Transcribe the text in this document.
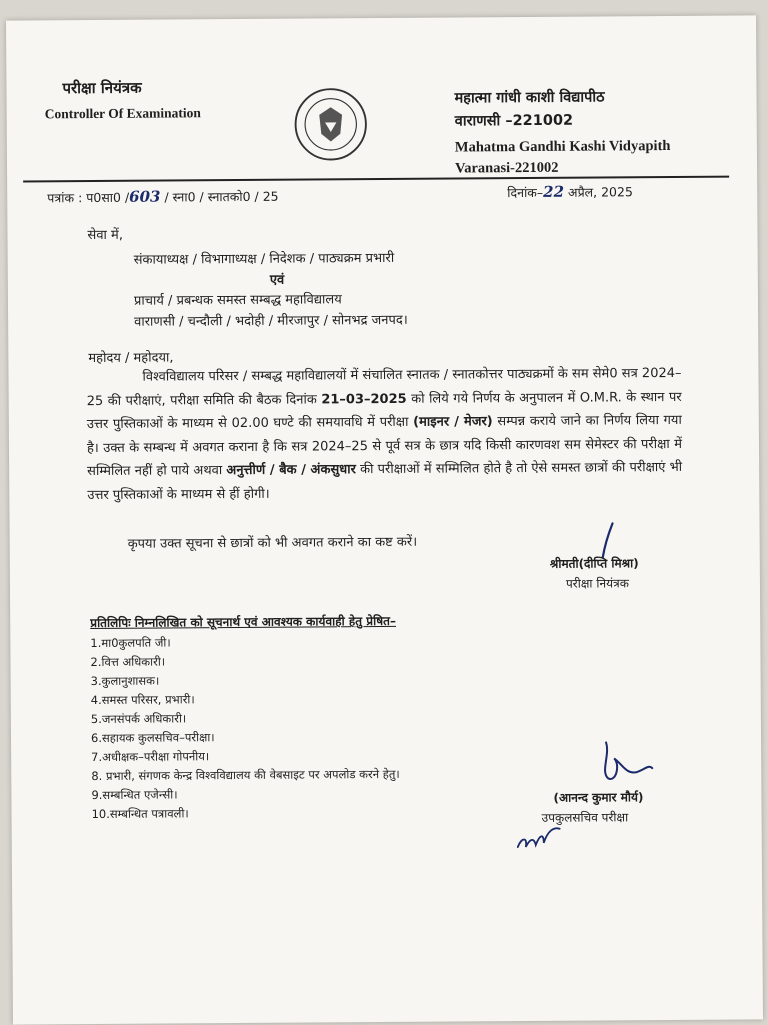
परीक्षा नियंत्रक
Controller Of Examination
महात्मा गांधी काशी विद्यापीठ
वाराणसी –221002
Mahatma Gandhi Kashi Vidyapith
Varanasi-221002
पत्रांक : प0सा0 /603 / स्ना0 / स्नातको0 / 25	दिनांक–22 अप्रैल, 2025
सेवा में,
संकायाध्यक्ष / विभागाध्यक्ष / निदेशक / पाठ्यक्रम प्रभारी
एवं
प्राचार्य / प्रबन्धक समस्त सम्बद्ध महाविद्यालय
वाराणसी / चन्दौली / भदोही / मीरजापुर / सोनभद्र जनपद।
महोदय / महोदया,
विश्वविद्यालय परिसर / सम्बद्ध महाविद्यालयों में संचालित स्नातक / स्नातकोत्तर पाठ्यक्रमों के सम सेमे0 सत्र 2024–25 की परीक्षाएं, परीक्षा समिति की बैठक दिनांक 21–03–2025 को लिये गये निर्णय के अनुपालन में O.M.R. के स्थान पर उत्तर पुस्तिकाओं के माध्यम से 02.00 घण्टे की समयावधि में परीक्षा (माइनर / मेजर) सम्पन्न कराये जाने का निर्णय लिया गया है। उक्त के सम्बन्ध में अवगत कराना है कि सत्र 2024–25 से पूर्व सत्र के छात्र यदि किसी कारणवश सम सेमेस्टर की परीक्षा में सम्मिलित नहीं हो पाये अथवा अनुत्तीर्ण / बैक / अंकसुधार की परीक्षाओं में सम्मिलित होते है तो ऐसे समस्त छात्रों की परीक्षाएं भी उत्तर पुस्तिकाओं के माध्यम से हीं होगी।
कृपया उक्त सूचना से छात्रों को भी अवगत कराने का कष्ट करें।
श्रीमती(दीप्ति मिश्रा)
परीक्षा नियंत्रक
प्रतिलिपिः निम्नलिखित को सूचनार्थ एवं आवश्यक कार्यवाही हेतु प्रेषित–
1.मा0कुलपति जी।
2.वित्त अधिकारी।
3.कुलानुशासक।
4.समस्त परिसर, प्रभारी।
5.जनसंपर्क अधिकारी।
6.सहायक कुलसचिव–परीक्षा।
7.अधीक्षक–परीक्षा गोपनीय।
8. प्रभारी, संगणक केन्द्र विश्वविद्यालय की वेबसाइट पर अपलोड करने हेतु।
9.सम्बन्धित एजेन्सी।
10.सम्बन्धित पत्रावली।
(आनन्द कुमार मौर्य)
उपकुलसचिव परीक्षा
